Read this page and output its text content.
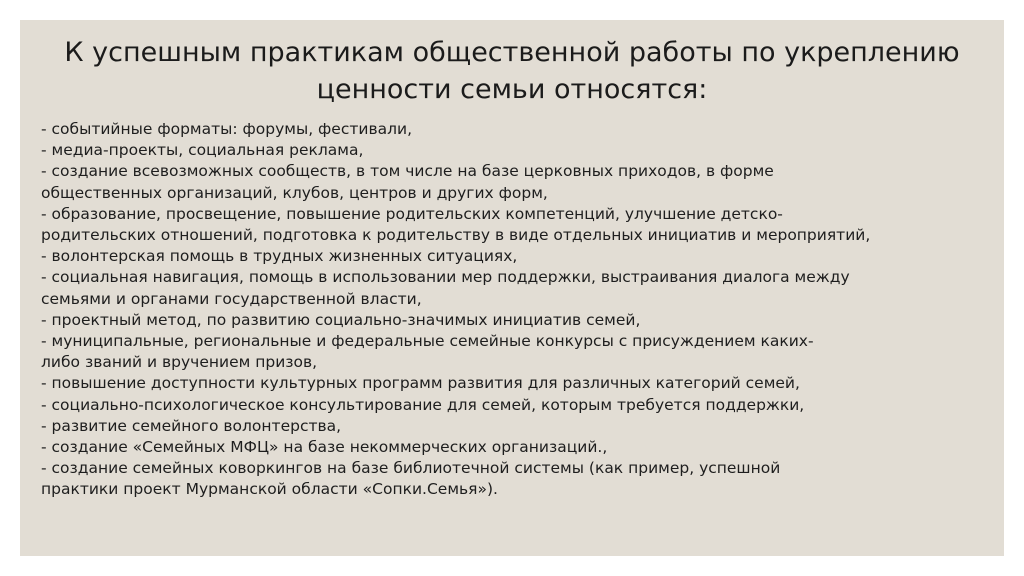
К успешным практикам общественной работы по укреплению
ценности семьи относятся:
- событийные форматы: форумы, фестивали,
- медиа-проекты, социальная реклама,
- создание всевозможных сообществ, в том числе на базе церковных приходов, в форме
общественных организаций, клубов, центров и других форм,
- образование, просвещение, повышение родительских компетенций, улучшение детско-
родительских отношений, подготовка к родительству в виде отдельных инициатив и мероприятий,
- волонтерская помощь в трудных жизненных ситуациях,
- социальная навигация, помощь в использовании мер поддержки, выстраивания диалога между
семьями и органами государственной власти,
- проектный метод, по развитию социально-значимых инициатив семей,
- муниципальные, региональные и федеральные семейные конкурсы с присуждением каких-
либо званий и вручением призов,
- повышение доступности культурных программ развития для различных категорий семей,
- социально-психологическое консультирование для семей, которым требуется поддержки,
- развитие семейного волонтерства,
- создание «Семейных МФЦ» на базе некоммерческих организаций.,
- создание семейных коворкингов на базе библиотечной системы (как пример, успешной
практики проект Мурманской области «Сопки.Семья»).
